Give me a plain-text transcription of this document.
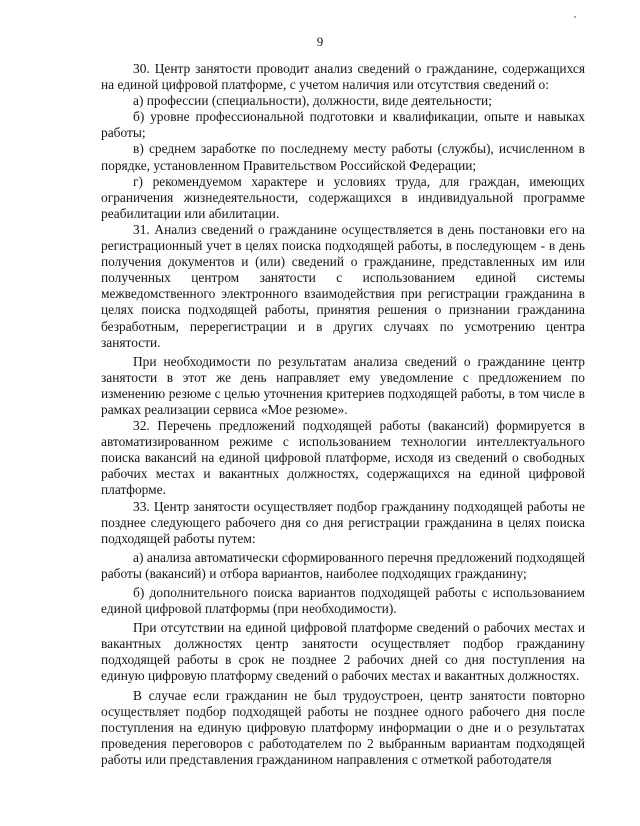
9

30. Центр занятости проводит анализ сведений о гражданине, содержащихся на единой цифровой платформе, с учетом наличия или отсутствия сведений о:

а) профессии (специальности), должности, виде деятельности;

б) уровне профессиональной подготовки и квалификации, опыте и навыках работы;

в) среднем заработке по последнему месту работы (службы), исчисленном в порядке, установленном Правительством Российской Федерации;

г) рекомендуемом характере и условиях труда, для граждан, имеющих ограничения жизнедеятельности, содержащихся в индивидуальной программе реабилитации или абилитации.

31. Анализ сведений о гражданине осуществляется в день постановки его на регистрационный учет в целях поиска подходящей работы, в последующем - в день получения документов и (или) сведений о гражданине, представленных им или полученных центром занятости с использованием единой системы межведомственного электронного взаимодействия при регистрации гражданина в целях поиска подходящей работы, принятия решения о признании гражданина безработным, перерегистрации и в других случаях по усмотрению центра занятости.

При необходимости по результатам анализа сведений о гражданине центр занятости в этот же день направляет ему уведомление с предложением по изменению резюме с целью уточнения критериев подходящей работы, в том числе в рамках реализации сервиса «Мое резюме».

32. Перечень предложений подходящей работы (вакансий) формируется в автоматизированном режиме с использованием технологии интеллектуального поиска вакансий на единой цифровой платформе, исходя из сведений о свободных рабочих местах и вакантных должностях, содержащихся на единой цифровой платформе.

33. Центр занятости осуществляет подбор гражданину подходящей работы не позднее следующего рабочего дня со дня регистрации гражданина в целях поиска подходящей работы путем:

а) анализа автоматически сформированного перечня предложений подходящей работы (вакансий) и отбора вариантов, наиболее подходящих гражданину;

б) дополнительного поиска вариантов подходящей работы с использованием единой цифровой платформы (при необходимости).

При отсутствии на единой цифровой платформе сведений о рабочих местах и вакантных должностях центр занятости осуществляет подбор гражданину подходящей работы в срок не позднее 2 рабочих дней со дня поступления на единую цифровую платформу сведений о рабочих местах и вакантных должностях.

В случае если гражданин не был трудоустроен, центр занятости повторно осуществляет подбор подходящей работы не позднее одного рабочего дня после поступления на единую цифровую платформу информации о дне и о результатах проведения переговоров с работодателем по 2 выбранным вариантам подходящей работы или представления гражданином направления с отметкой работодателя
